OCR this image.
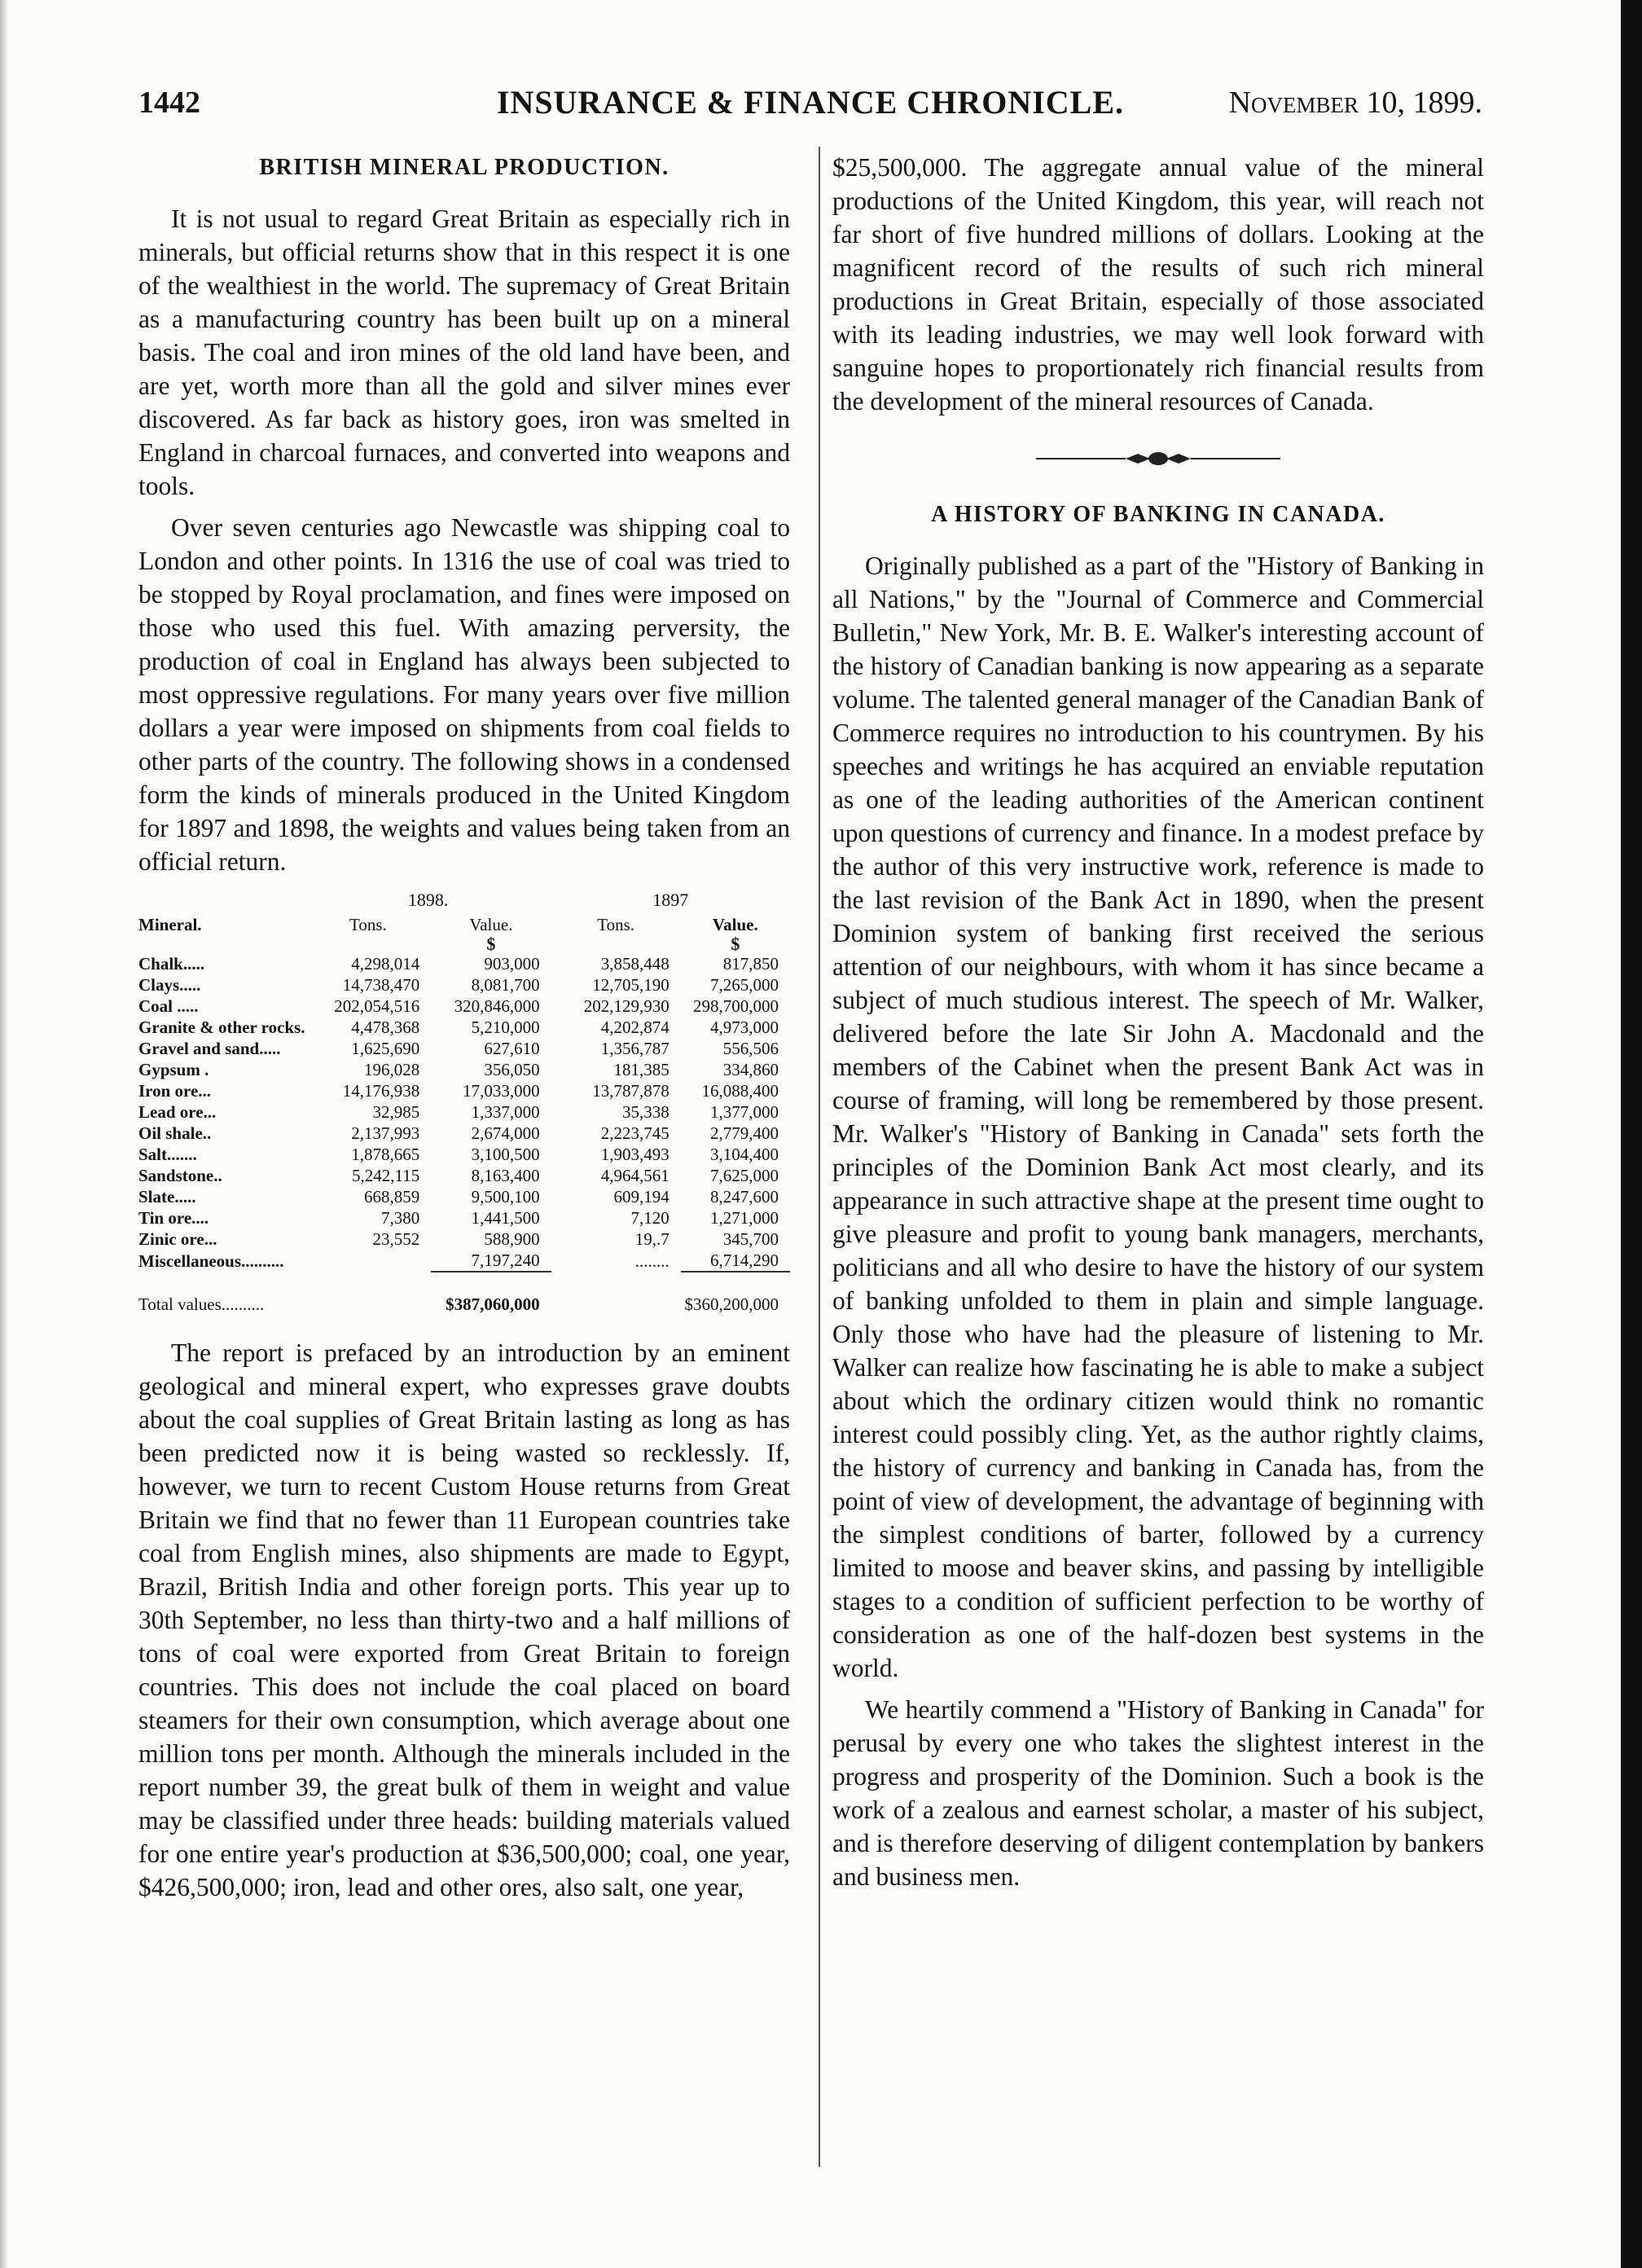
1442	INSURANCE & FINANCE CHRONICLE.	November 10, 1899.
BRITISH MINERAL PRODUCTION.

It is not usual to regard Great Britain as especially rich in minerals, but official returns show that in this respect it is one of the wealthiest in the world. The supremacy of Great Britain as a manufacturing country has been built up on a mineral basis. The coal and iron mines of the old land have been, and are yet, worth more than all the gold and silver mines ever discovered. As far back as history goes, iron was smelted in England in charcoal furnaces, and converted into weapons and tools.

Over seven centuries ago Newcastle was shipping coal to London and other points. In 1316 the use of coal was tried to be stopped by Royal proclamation, and fines were imposed on those who used this fuel. With amazing perversity, the production of coal in England has always been subjected to most oppressive regulations. For many years over five million dollars a year were imposed on shipments from coal fields to other parts of the country. The following shows in a condensed form the kinds of minerals produced in the United Kingdom for 1897 and 1898, the weights and values being taken from an official return.

	1898.		1897	
Mineral.	Tons.	Value.	Tons.	Value.
		$		$
Chalk.....	4,298,014	903,000	3,858,448	817,850
Clays.....	14,738,470	8,081,700	12,705,190	7,265,000
Coal .....	202,054,516	320,846,000	202,129,930	298,700,000
Granite & other rocks.	4,478,368	5,210,000	4,202,874	4,973,000
Gravel and sand.....	1,625,690	627,610	1,356,787	556,506
Gypsum .	196,028	356,050	181,385	334,860
Iron ore...	14,176,938	17,033,000	13,787,878	16,088,400
Lead ore...	32,985	1,337,000	35,338	1,377,000
Oil shale..	2,137,993	2,674,000	2,223,745	2,779,400
Salt.......	1,878,665	3,100,500	1,903,493	3,104,400
Sandstone..	5,242,115	8,163,400	4,964,561	7,625,000
Slate.....	668,859	9,500,100	609,194	8,247,600
Tin ore....	7,380	1,441,500	7,120	1,271,000
Zinic ore...	23,552	588,900	19,.7	345,700
Miscellaneous..........		7,197,240	........	6,714,290

Total values..........		$387,060,000		$360,200,000

The report is prefaced by an introduction by an eminent geological and mineral expert, who expresses grave doubts about the coal supplies of Great Britain lasting as long as has been predicted now it is being wasted so recklessly. If, however, we turn to recent Custom House returns from Great Britain we find that no fewer than 11 European countries take coal from English mines, also shipments are made to Egypt, Brazil, British India and other foreign ports. This year up to 30th September, no less than thirty-two and a half millions of tons of coal were exported from Great Britain to foreign countries. This does not include the coal placed on board steamers for their own consumption, which average about one million tons per month. Although the minerals included in the report number 39, the great bulk of them in weight and value may be classified under three heads: building materials valued for one entire year's production at $36,500,000; coal, one year, $426,500,000; iron, lead and other ores, also salt, one year,

$25,500,000. The aggregate annual value of the mineral productions of the United Kingdom, this year, will reach not far short of five hundred millions of dollars. Looking at the magnificent record of the results of such rich mineral productions in Great Britain, especially of those associated with its leading industries, we may well look forward with sanguine hopes to proportionately rich financial results from the development of the mineral resources of Canada.

A HISTORY OF BANKING IN CANADA.

Originally published as a part of the "History of Banking in all Nations," by the "Journal of Commerce and Commercial Bulletin," New York, Mr. B. E. Walker's interesting account of the history of Canadian banking is now appearing as a separate volume. The talented general manager of the Canadian Bank of Commerce requires no introduction to his countrymen. By his speeches and writings he has acquired an enviable reputation as one of the leading authorities of the American continent upon questions of currency and finance. In a modest preface by the author of this very instructive work, reference is made to the last revision of the Bank Act in 1890, when the present Dominion system of banking first received the serious attention of our neighbours, with whom it has since became a subject of much studious interest. The speech of Mr. Walker, delivered before the late Sir John A. Macdonald and the members of the Cabinet when the present Bank Act was in course of framing, will long be remembered by those present. Mr. Walker's "History of Banking in Canada" sets forth the principles of the Dominion Bank Act most clearly, and its appearance in such attractive shape at the present time ought to give pleasure and profit to young bank managers, merchants, politicians and all who desire to have the history of our system of banking unfolded to them in plain and simple language. Only those who have had the pleasure of listening to Mr. Walker can realize how fascinating he is able to make a subject about which the ordinary citizen would think no romantic interest could possibly cling. Yet, as the author rightly claims, the history of currency and banking in Canada has, from the point of view of development, the advantage of beginning with the simplest conditions of barter, followed by a currency limited to moose and beaver skins, and passing by intelligible stages to a condition of sufficient perfection to be worthy of consideration as one of the half-dozen best systems in the world.

We heartily commend a "History of Banking in Canada" for perusal by every one who takes the slightest interest in the progress and prosperity of the Dominion. Such a book is the work of a zealous and earnest scholar, a master of his subject, and is therefore deserving of diligent contemplation by bankers and business men.
